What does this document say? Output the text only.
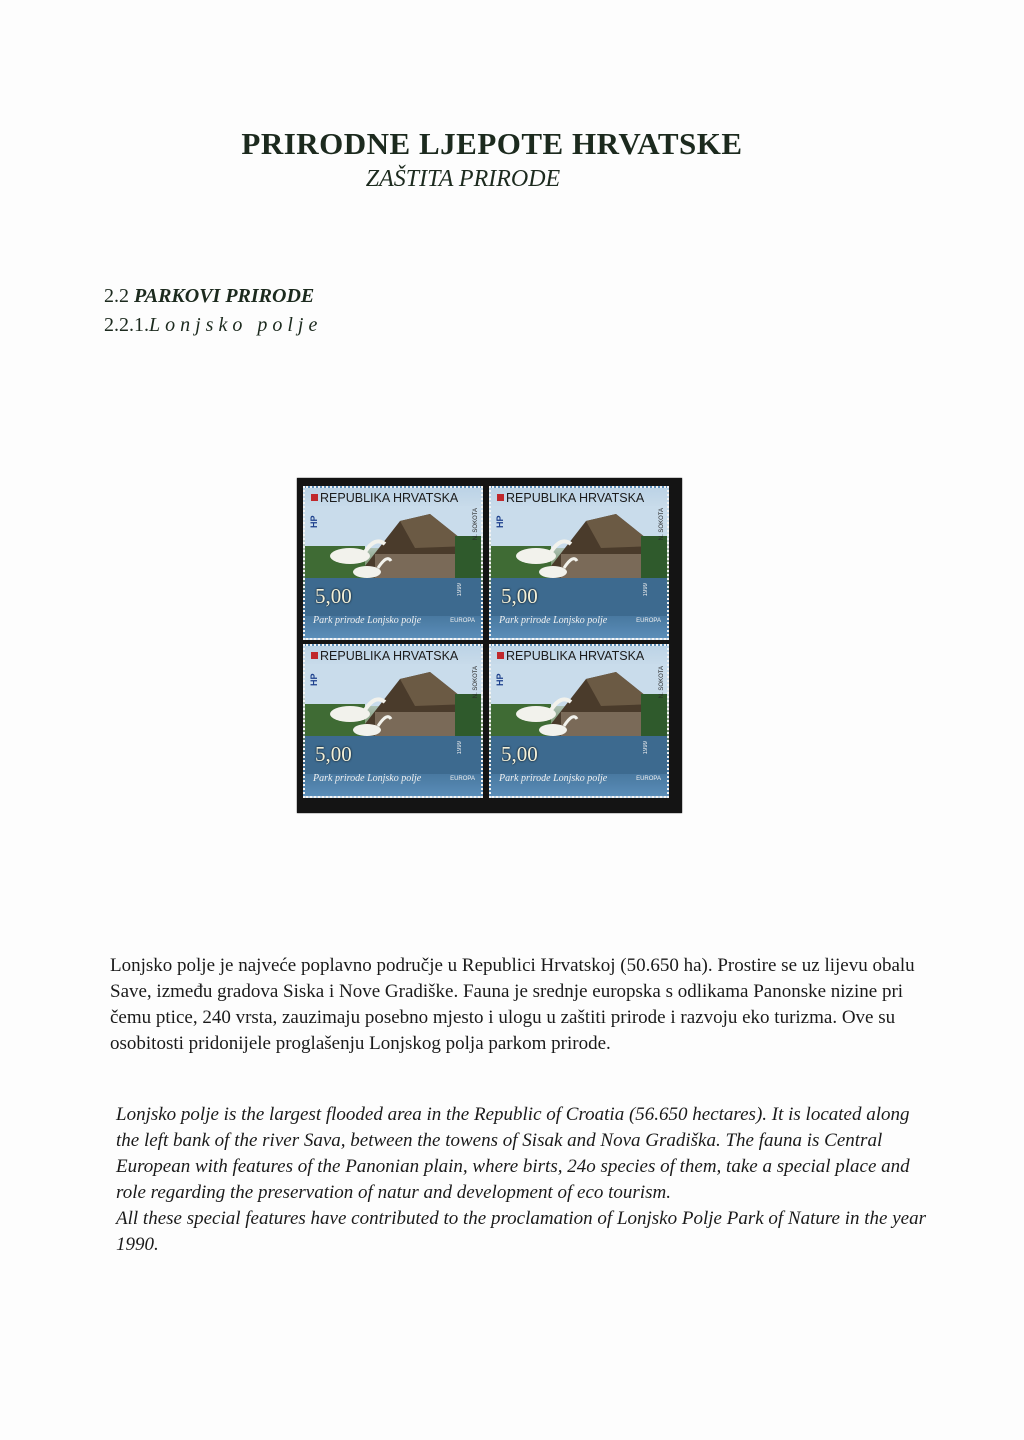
PRIRODNE LJEPOTE HRVATSKE
ZAŠTITA PRIRODE
2.2 PARKOVI PRIRODE
2.2.1.Lonjsko polje
REPUBLIKA HRVATSKA
HP	N. ŠOKOTA
1999
5,00
Park prirode Lonjsko polje	EUROPA
REPUBLIKA HRVATSKA
HP	N. ŠOKOTA
1999
5,00
Park prirode Lonjsko polje	EUROPA
REPUBLIKA HRVATSKA
HP	N. ŠOKOTA
1999
5,00
Park prirode Lonjsko polje	EUROPA
REPUBLIKA HRVATSKA
HP	N. ŠOKOTA
1999
5,00
Park prirode Lonjsko polje	EUROPA
Lonjsko polje je najveće poplavno područje u Republici Hrvatskoj (50.650 ha). Prostire se uz lijevu obalu Save, između gradova Siska i Nove Gradiške. Fauna je srednje europska s odlikama Panonske nizine pri čemu ptice, 240 vrsta, zauzimaju posebno mjesto i ulogu u zaštiti prirode i razvoju eko turizma. Ove su osobitosti pridonijele proglašenju Lonjskog polja parkom prirode.

Lonjsko polje is the largest flooded area in the Republic of Croatia (56.650 hectares). It is located along the left bank of the river Sava, between the towens of Sisak and Nova Gradiška. The fauna is Central European with features of the Panonian plain, where birts, 24o species of them, take a special place and role regarding the preservation of natur and development of eco tourism.

All these special features have contributed to the proclamation of Lonjsko Polje Park of Nature in the year 1990.
